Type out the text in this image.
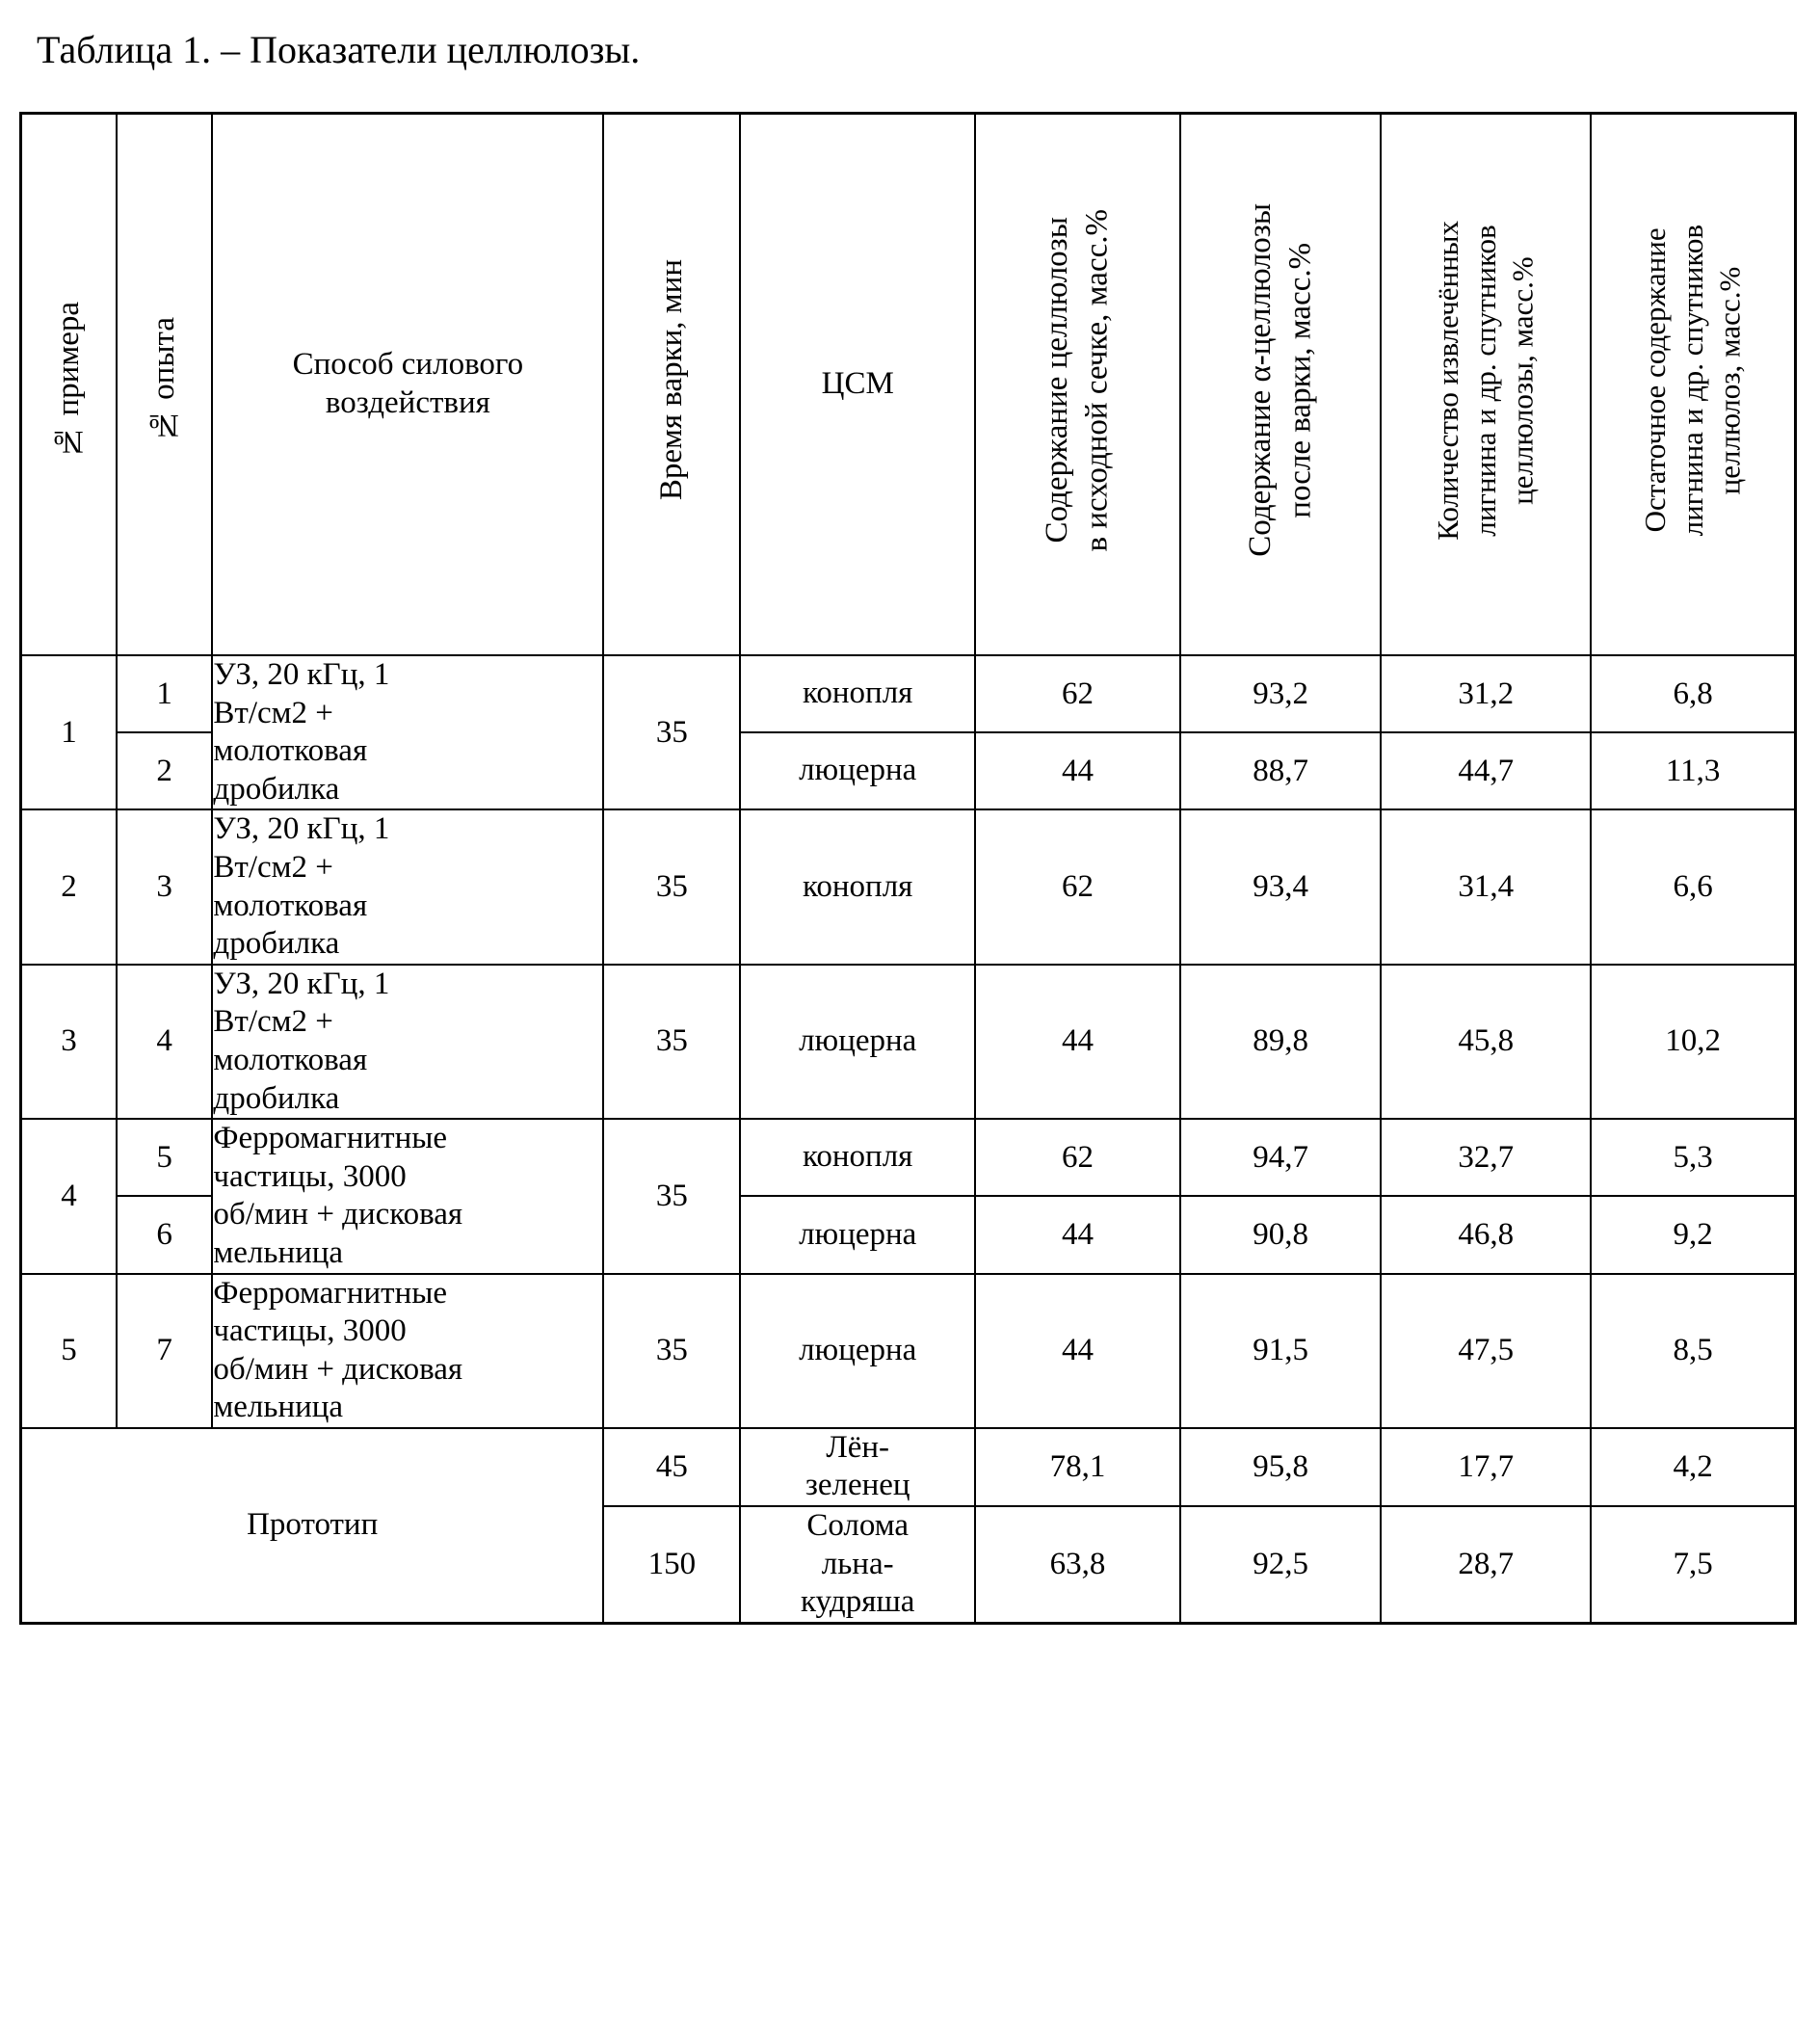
Таблица 1. – Показатели целлюлозы.
№ примера	№ опыта	Способ силового
воздействия	Время варки, мин	ЦСМ	Содержание целлюлозы
в исходной сечке, масс.%	Содержание α-целлюлозы
после варки, масс.%	Количество извлечённых
лигнина и др. спутников
целлюлозы, масс.%	Остаточное содержание
лигнина и др. спутников
целлюлоз, масс.%
1	1	УЗ, 20 кГц, 1
Вт/см2 +
молотковая
дробилка	35	конопля	62	93,2	31,2	6,8
	2			люцерна	44	88,7	44,7	11,3
2	3	УЗ, 20 кГц, 1
Вт/см2 +
молотковая
дробилка	35	конопля	62	93,4	31,4	6,6
3	4	УЗ, 20 кГц, 1
Вт/см2 +
молотковая
дробилка	35	люцерна	44	89,8	45,8	10,2
4	5	Ферромагнитные
частицы, 3000
об/мин + дисковая
мельница	35	конопля	62	94,7	32,7	5,3
	6			люцерна	44	90,8	46,8	9,2
5	7	Ферромагнитные
частицы, 3000
об/мин + дисковая
мельница	35	люцерна	44	91,5	47,5	8,5
Прототип			45	Лён-
зеленец	78,1	95,8	17,7	4,2
			150	Солома
льна-
кудряша	63,8	92,5	28,7	7,5
